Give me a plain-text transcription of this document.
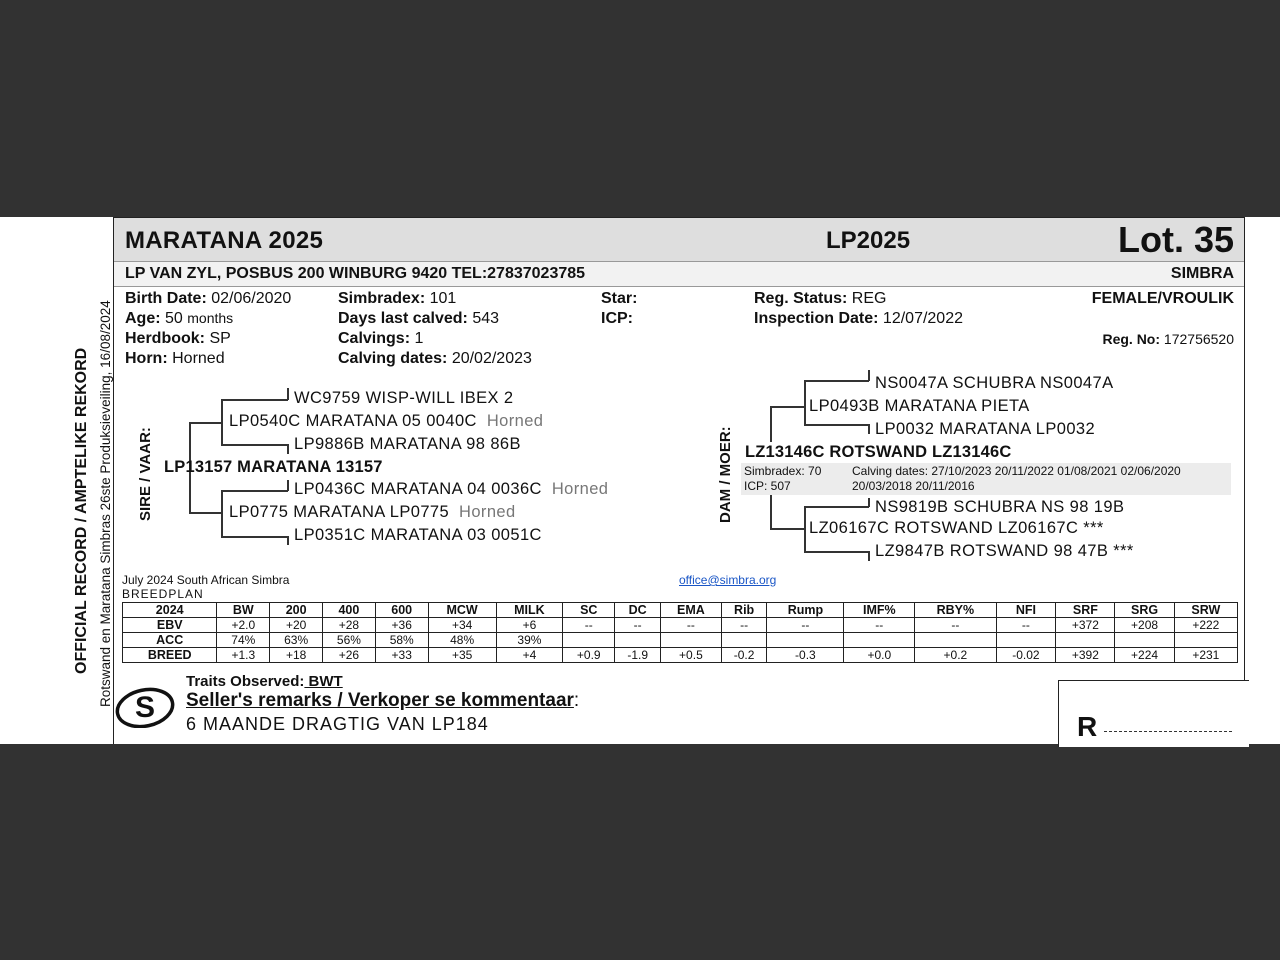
OFFICIAL RECORD / AMPTELIKE REKORD Rotswand en Maratana Simbras 26ste Produksieveiling, 16/08/2024
MARATANA 2025	LP2025	Lot. 35
LP VAN ZYL, POSBUS 200 WINBURG 9420 TEL:27837023785	SIMBRA
Birth Date: 02/06/2020
Age: 50 months
Herdbook: SP
Horn: Horned
Simbradex: 101
Days last calved: 543
Calvings: 1
Calving dates: 20/02/2023
Star:
ICP:
Reg. Status: REG
Inspection Date: 12/07/2022
FEMALE/VROULIK
Reg. No: 172756520
SIRE / VAAR:
WC9759 WISP-WILL IBEX 2
LP0540C MARATANA 05 0040C Horned
LP9886B MARATANA 98 86B
LP13157 MARATANA 13157
LP0436C MARATANA 04 0036C Horned
LP0775 MARATANA LP0775 Horned
LP0351C MARATANA 03 0051C
DAM / MOER:
NS0047A SCHUBRA NS0047A
LP0493B MARATANA PIETA
LP0032 MARATANA LP0032
LZ13146C ROTSWAND LZ13146C
Simbradex: 70
ICP: 507
Calving dates: 27/10/2023 20/11/2022 01/08/2021 02/06/2020
20/03/2018 20/11/2016
NS9819B SCHUBRA NS 98 19B
LZ06167C ROTSWAND LZ06167C ***
LZ9847B ROTSWAND 98 47B ***
July 2024 South African Simbra
BREEDPLAN
office@simbra.org
2024	BW	200	400	600	MCW	MILK	SC	DC	EMA	Rib	Rump	IMF%	RBY%	NFI	SRF	SRG	SRW
EBV	+2.0	+20	+28	+36	+34	+6	--	--	--	--	--	--	--	--	+372	+208	+222
ACC	74%	63%	56%	58%	48%	39%											
BREED	+1.3	+18	+26	+33	+35	+4	+0.9	-1.9	+0.5	-0.2	-0.3	+0.0	+0.2	-0.02	+392	+224	+231
S
Traits Observed: BWT
Seller's remarks / Verkoper se kommentaar:
6 MAANDE DRAGTIG VAN LP184	R
